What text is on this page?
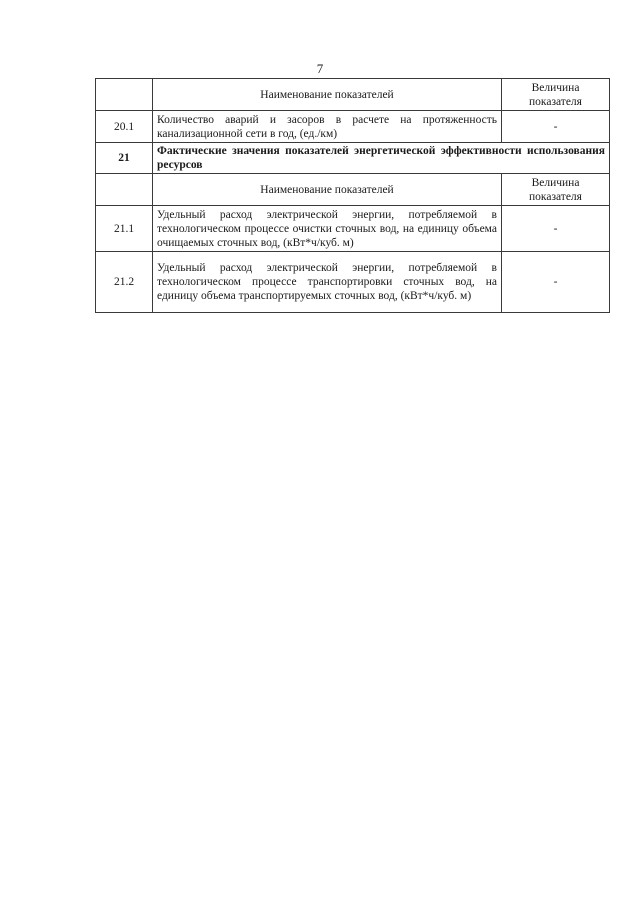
7
	Наименование показателей	Величина показателя
20.1	Количество аварий и засоров в расчете на протяженность канализационной сети в год, (ед./км)	-
21	Фактические значения показателей энергетической эффективности использования ресурсов	
	Наименование показателей	Величина показателя
21.1	Удельный расход электрической энергии, потребляемой в технологическом процессе очистки сточных вод, на единицу объема очищаемых сточных вод, (кВт*ч/куб. м)	-
21.2	Удельный расход электрической энергии, потребляемой в технологическом процессе транспортировки сточных вод, на единицу объема транспортируемых сточных вод, (кВт*ч/куб. м)	-
